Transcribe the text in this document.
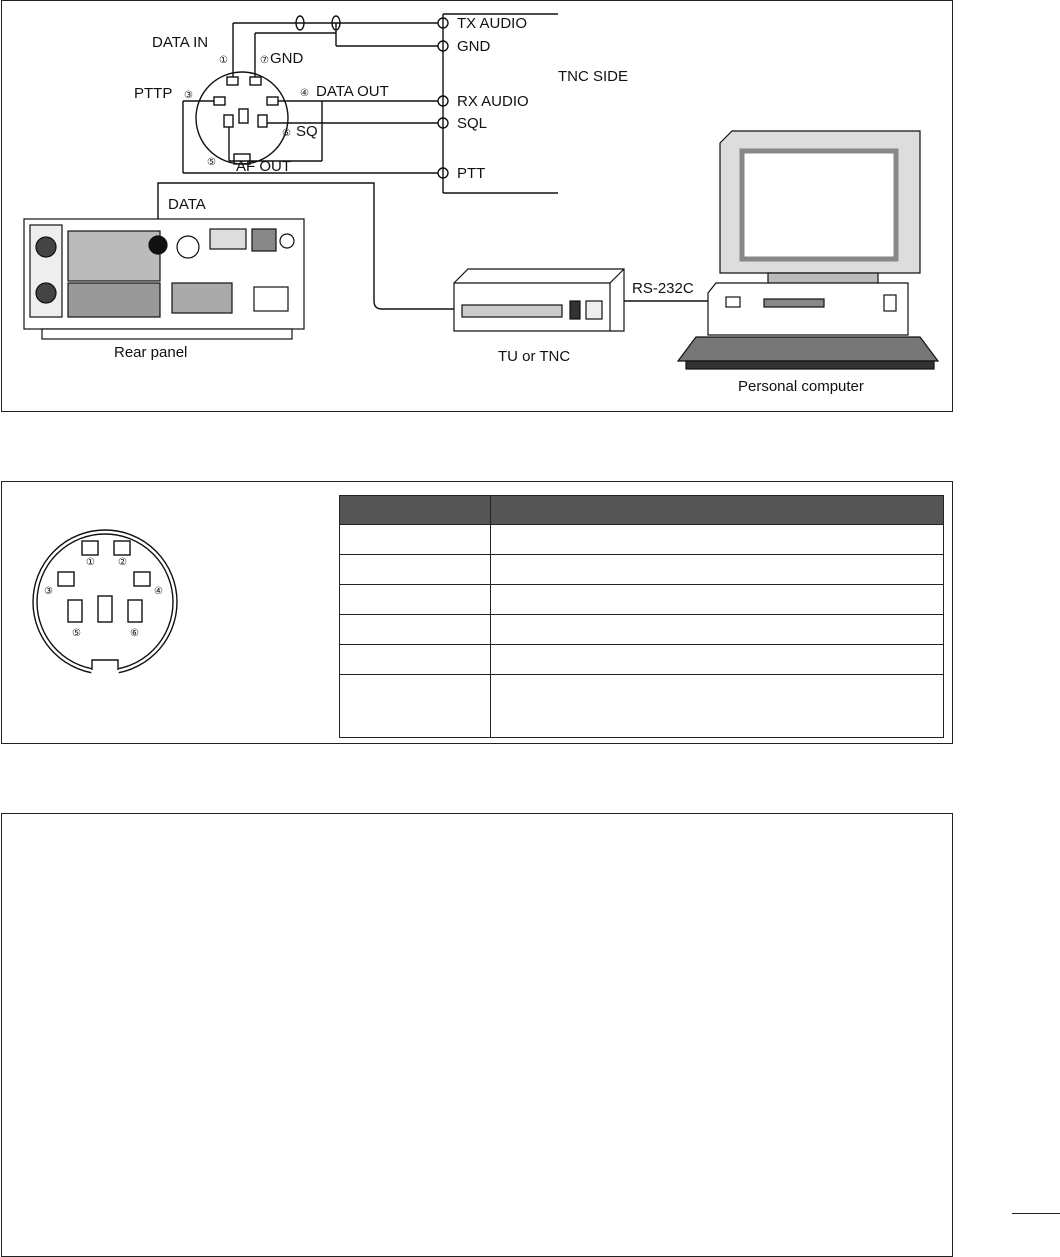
DATA IN
GND
PTTP	DATA OUT
SQ
AF OUT
①	⑦
③	④
⑥
⑤
TX AUDIO
GND
TNC SIDE
RX AUDIO
SQL
PTT
DATA
RS-232C
Rear panel	TU or TNC
Personal computer
① ②
③	④
⑤	⑥
